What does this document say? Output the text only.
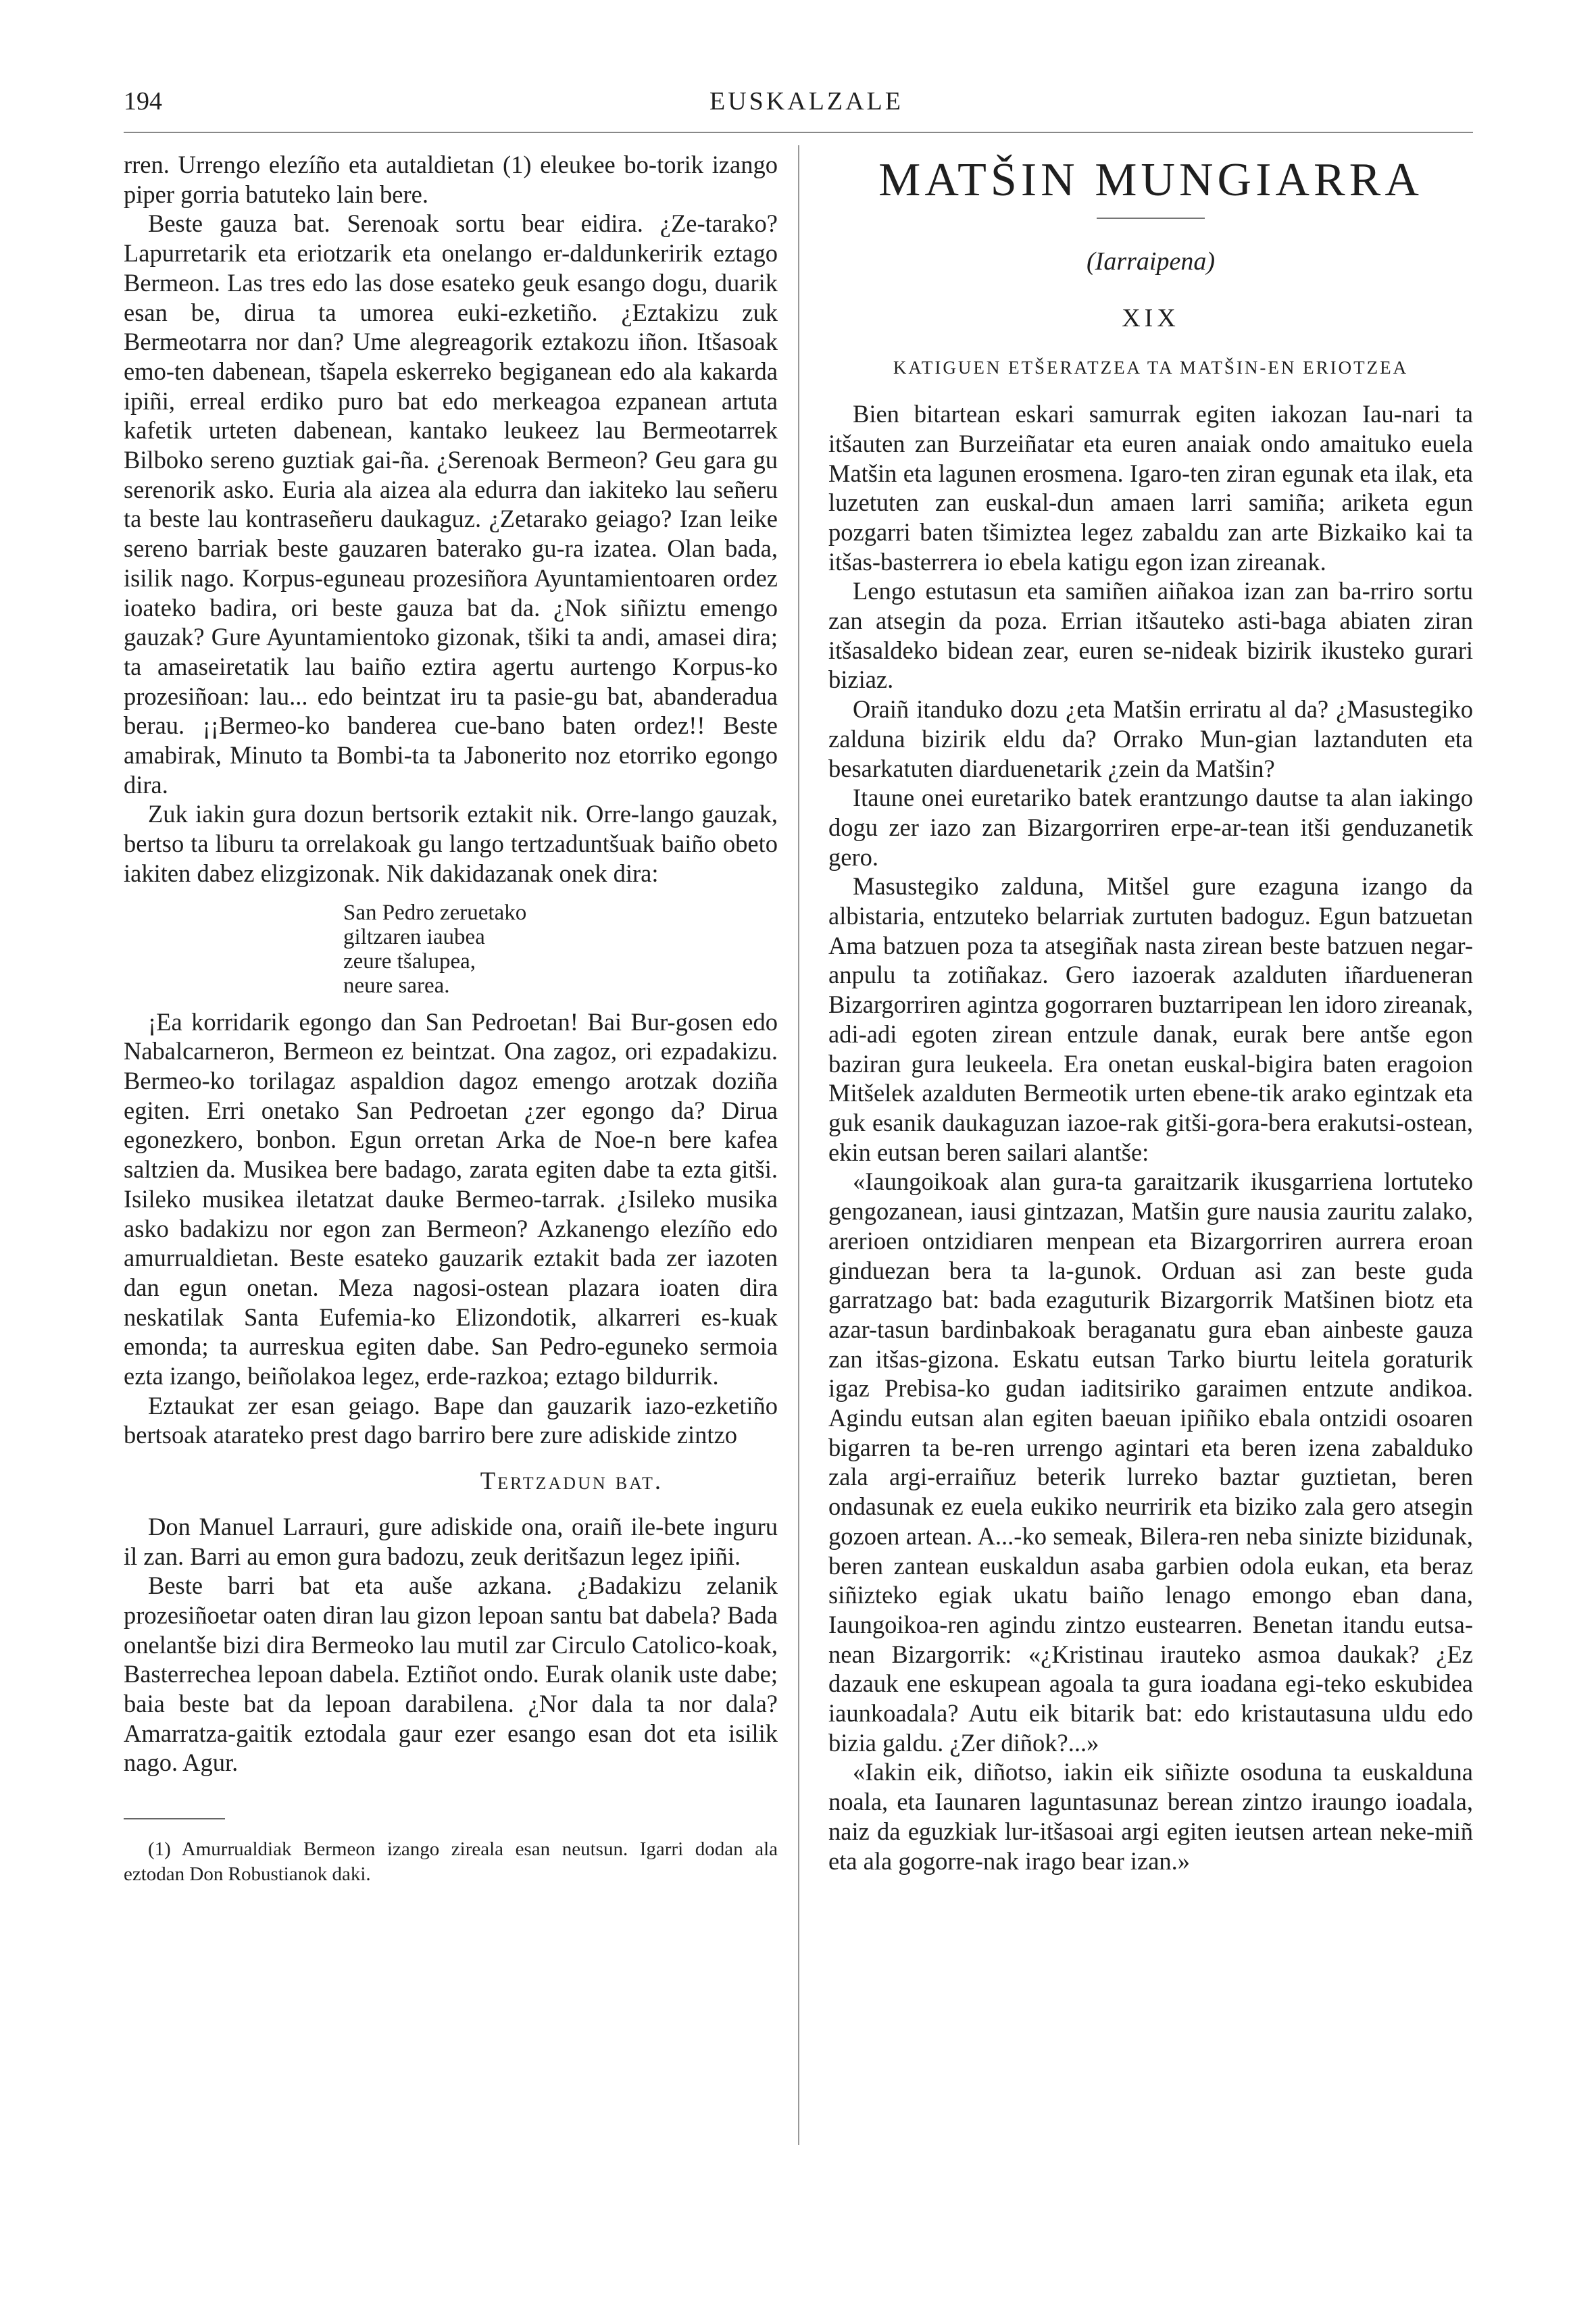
194	EUSKALZALE

rren. Urrengo elezíño eta autaldietan (1) eleukee bo-torik izango piper gorria batuteko lain bere.

Beste gauza bat. Serenoak sortu bear eidira. ¿Ze-tarako? Lapurretarik eta eriotzarik eta onelango er-daldunkeririk eztago Bermeon. Las tres edo las dose esateko geuk esango dogu, duarik esan be, dirua ta umorea euki-ezketiño. ¿Eztakizu zuk Bermeotarra nor dan? Ume alegreagorik eztakozu iñon. Itšasoak emo-ten dabenean, tšapela eskerreko begiganean edo ala kakarda ipiñi, erreal erdiko puro bat edo merkeagoa ezpanean artuta kafetik urteten dabenean, kantako leukeez lau Bermeotarrek Bilboko sereno guztiak gai-ña. ¿Serenoak Bermeon? Geu gara gu serenorik asko. Euria ala aizea ala edurra dan iakiteko lau señeru ta beste lau kontraseñeru daukaguz. ¿Zetarako geiago? Izan leike sereno barriak beste gauzaren baterako gu-ra izatea. Olan bada, isilik nago. Korpus-eguneau prozesiñora Ayuntamientoaren ordez ioateko badira, ori beste gauza bat da. ¿Nok siñiztu emengo gauzak? Gure Ayuntamientoko gizonak, tšiki ta andi, amasei dira; ta amaseiretatik lau baiño eztira agertu aurtengo Korpus-ko prozesiñoan: lau... edo beintzat iru ta pasie-gu bat, abanderadua berau. ¡¡Bermeo-ko banderea cue-bano baten ordez!! Beste amabirak, Minuto ta Bombi-ta ta Jabonerito noz etorriko egongo dira.

Zuk iakin gura dozun bertsorik eztakit nik. Orre-lango gauzak, bertso ta liburu ta orrelakoak gu lango tertzaduntšuak baiño obeto iakiten dabez elizgizonak. Nik dakidazanak onek dira:

San Pedro zeruetako
giltzaren iaubea
zeure tšalupea,
neure sarea.

¡Ea korridarik egongo dan San Pedroetan! Bai Bur-gosen edo Nabalcarneron, Bermeon ez beintzat. Ona zagoz, ori ezpadakizu. Bermeo-ko torilagaz aspaldion dagoz emengo arotzak doziña egiten. Erri onetako San Pedroetan ¿zer egongo da? Dirua egonezkero, bonbon. Egun orretan Arka de Noe-n bere kafea saltzien da. Musikea bere badago, zarata egiten dabe ta ezta gitši. Isileko musikea iletatzat dauke Bermeo-tarrak. ¿Isileko musika asko badakizu nor egon zan Bermeon? Azkanengo elezíño edo amurrualdietan. Beste esateko gauzarik eztakit bada zer iazoten dan egun onetan. Meza nagosi-ostean plazara ioaten dira neskatilak Santa Eufemia-ko Elizondotik, alkarreri es-kuak emonda; ta aurreskua egiten dabe. San Pedro-eguneko sermoia ezta izango, beiñolakoa legez, erde-razkoa; eztago bildurrik.

Eztaukat zer esan geiago. Bape dan gauzarik iazo-ezketiño bertsoak atarateko prest dago barriro bere zure adiskide zintzo

Tertzadun bat.

Don Manuel Larrauri, gure adiskide ona, oraiñ ile-bete inguru il zan. Barri au emon gura badozu, zeuk deritšazun legez ipiñi.

Beste barri bat eta auše azkana. ¿Badakizu zelanik prozesiñoetar oaten diran lau gizon lepoan santu bat dabela? Bada onelantše bizi dira Bermeoko lau mutil zar Circulo Catolico-koak, Basterrechea lepoan dabela. Eztiñot ondo. Eurak olanik uste dabe; baia beste bat da lepoan darabilena. ¿Nor dala ta nor dala? Amarratza-gaitik eztodala gaur ezer esango esan dot eta isilik nago. Agur.

(1) Amurrualdiak Bermeon izango zireala esan neutsun. Igarri dodan ala eztodan Don Robustianok daki.

MATŠIN MUNGIARRA
(Iarraipena)
XIX
KATIGUEN ETŠERATZEA TA MATŠIN-EN ERIOTZEA

Bien bitartean eskari samurrak egiten iakozan Iau-nari ta itšauten zan Burzeiñatar eta euren anaiak ondo amaituko euela Matšin eta lagunen erosmena. Igaro-ten ziran egunak eta ilak, eta luzetuten zan euskal-dun amaen larri samiña; ariketa egun pozgarri baten tšimiztea legez zabaldu zan arte Bizkaiko kai ta itšas-basterrera io ebela katigu egon izan zireanak.

Lengo estutasun eta samiñen aiñakoa izan zan ba-rriro sortu zan atsegin da poza. Errian itšauteko asti-baga abiaten ziran itšasaldeko bidean zear, euren se-nideak bizirik ikusteko gurari biziaz.

Oraiñ itanduko dozu ¿eta Matšin erriratu al da? ¿Masustegiko zalduna bizirik eldu da? Orrako Mun-gian laztanduten eta besarkatuten diarduenetarik ¿zein da Matšin?

Itaune onei euretariko batek erantzungo dautse ta alan iakingo dogu zer iazo zan Bizargorriren erpe-ar-tean itši genduzanetik gero.

Masustegiko zalduna, Mitšel gure ezaguna izango da albistaria, entzuteko belarriak zurtuten badoguz. Egun batzuetan Ama batzuen poza ta atsegiñak nasta zirean beste batzuen negar-anpulu ta zotiñakaz. Gero iazoerak azalduten iñardueneran Bizargorriren agintza gogorraren buztarripean len idoro zireanak, adi-adi egoten zirean entzule danak, eurak bere antše egon baziran gura leukeela. Era onetan euskal-bigira baten eragoion Mitšelek azalduten Bermeotik urten ebene-tik arako egintzak eta guk esanik daukaguzan iazoe-rak gitši-gora-bera erakutsi-ostean, ekin eutsan beren sailari alantše:

«Iaungoikoak alan gura-ta garaitzarik ikusgarriena lortuteko gengozanean, iausi gintzazan, Matšin gure nausia zauritu zalako, arerioen ontzidiaren menpean eta Bizargorriren aurrera eroan ginduezan bera ta la-gunok. Orduan asi zan beste guda garratzago bat: bada ezaguturik Bizargorrik Matšinen biotz eta azar-tasun bardinbakoak beraganatu gura eban ainbeste gauza zan itšas-gizona. Eskatu eutsan Tarko biurtu leitela goraturik igaz Prebisa-ko gudan iaditsiriko garaimen entzute andikoa. Agindu eutsan alan egiten baeuan ipiñiko ebala ontzidi osoaren bigarren ta be-ren urrengo agintari eta beren izena zabalduko zala argi-erraiñuz beterik lurreko baztar guztietan, beren ondasunak ez euela eukiko neurririk eta biziko zala gero atsegin gozoen artean. A...-ko semeak, Bilera-ren neba sinizte bizidunak, beren zantean euskaldun asaba garbien odola eukan, eta beraz siñizteko egiak ukatu baiño lenago emongo eban dana, Iaungoikoa-ren agindu zintzo eustearren. Benetan itandu eutsa-nean Bizargorrik: «¿Kristinau irauteko asmoa daukak? ¿Ez dazauk ene eskupean agoala ta gura ioadana egi-teko eskubidea iaunkoadala? Autu eik bitarik bat: edo kristautasuna uldu edo bizia galdu. ¿Zer diñok?...»

«Iakin eik, diñotso, iakin eik siñizte osoduna ta euskalduna noala, eta Iaunaren laguntasunaz berean zintzo iraungo ioadala, naiz da eguzkiak lur-itšasoai argi egiten ieutsen artean neke-miñ eta ala gogorre-nak irago bear izan.»
